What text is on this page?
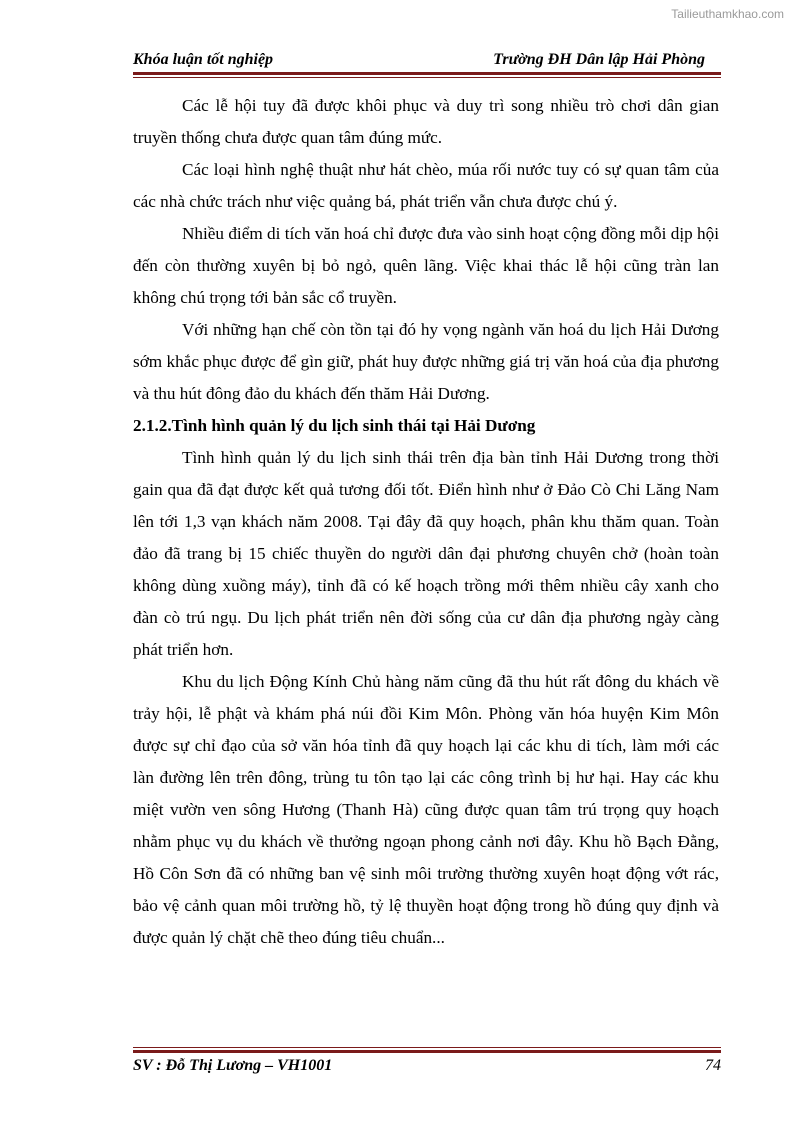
Tailieuthamkhao.com
Khóa luận tốt nghiệp	Trường ĐH Dân lập Hải Phòng

Các lễ hội tuy đã được khôi phục và duy trì song nhiều trò chơi dân gian truyền thống chưa được quan tâm đúng mức.

Các loại hình nghệ thuật như hát chèo, múa rối nước tuy có sự quan tâm của các nhà chức trách như việc quảng bá, phát triển vẫn chưa được chú ý.

Nhiều điểm di tích văn hoá chỉ được đưa vào sinh hoạt cộng đồng mỗi dịp hội đến còn thường xuyên bị bỏ ngỏ, quên lãng. Việc khai thác lễ hội cũng tràn lan không chú trọng tới bản sắc cổ truyền.

Với những hạn chế còn tồn tại đó hy vọng ngành văn hoá du lịch Hải Dương sớm khắc phục được để gìn giữ, phát huy được những giá trị văn hoá của địa phương và thu hút đông đảo du khách đến thăm Hải Dương.

2.1.2.Tình hình quản lý du lịch sinh thái tại Hải Dương

Tình hình quản lý du lịch sinh thái trên địa bàn tỉnh Hải Dương trong thời gain qua đã đạt được kết quả tương đối tốt. Điển hình như ở Đảo Cò Chi Lăng Nam lên tới 1,3 vạn khách năm 2008. Tại đây đã quy hoạch, phân khu thăm quan. Toàn đảo đã trang bị 15 chiếc thuyền do người dân đại phương chuyên chở (hoàn toàn không dùng xuồng máy), tỉnh đã có kế hoạch trồng mới thêm nhiều cây xanh cho đàn cò trú ngụ. Du lịch phát triển nên đời sống của cư dân địa phương ngày càng phát triển hơn.

Khu du lịch Động Kính Chủ hàng năm cũng đã thu hút rất đông du khách về trảy hội, lễ phật và khám phá núi đồi Kim Môn. Phòng văn hóa huyện Kim Môn được sự chỉ đạo của sở văn hóa tỉnh đã quy hoạch lại các khu di tích, làm mới các làn đường lên trên đông, trùng tu tôn tạo lại các công trình bị hư hại. Hay các khu miệt vườn ven sông Hương (Thanh Hà) cũng được quan tâm trú trọng quy hoạch nhằm phục vụ du khách về thưởng ngoạn phong cảnh nơi đây. Khu hồ Bạch Đằng, Hồ Côn Sơn đã có những ban vệ sinh môi trường thường xuyên hoạt động vớt rác, bảo vệ cảnh quan môi trường hồ, tỷ lệ thuyền hoạt động trong hồ đúng quy định và được quản lý chặt chẽ theo đúng tiêu chuẩn...

SV : Đỗ Thị Lương – VH1001	74
